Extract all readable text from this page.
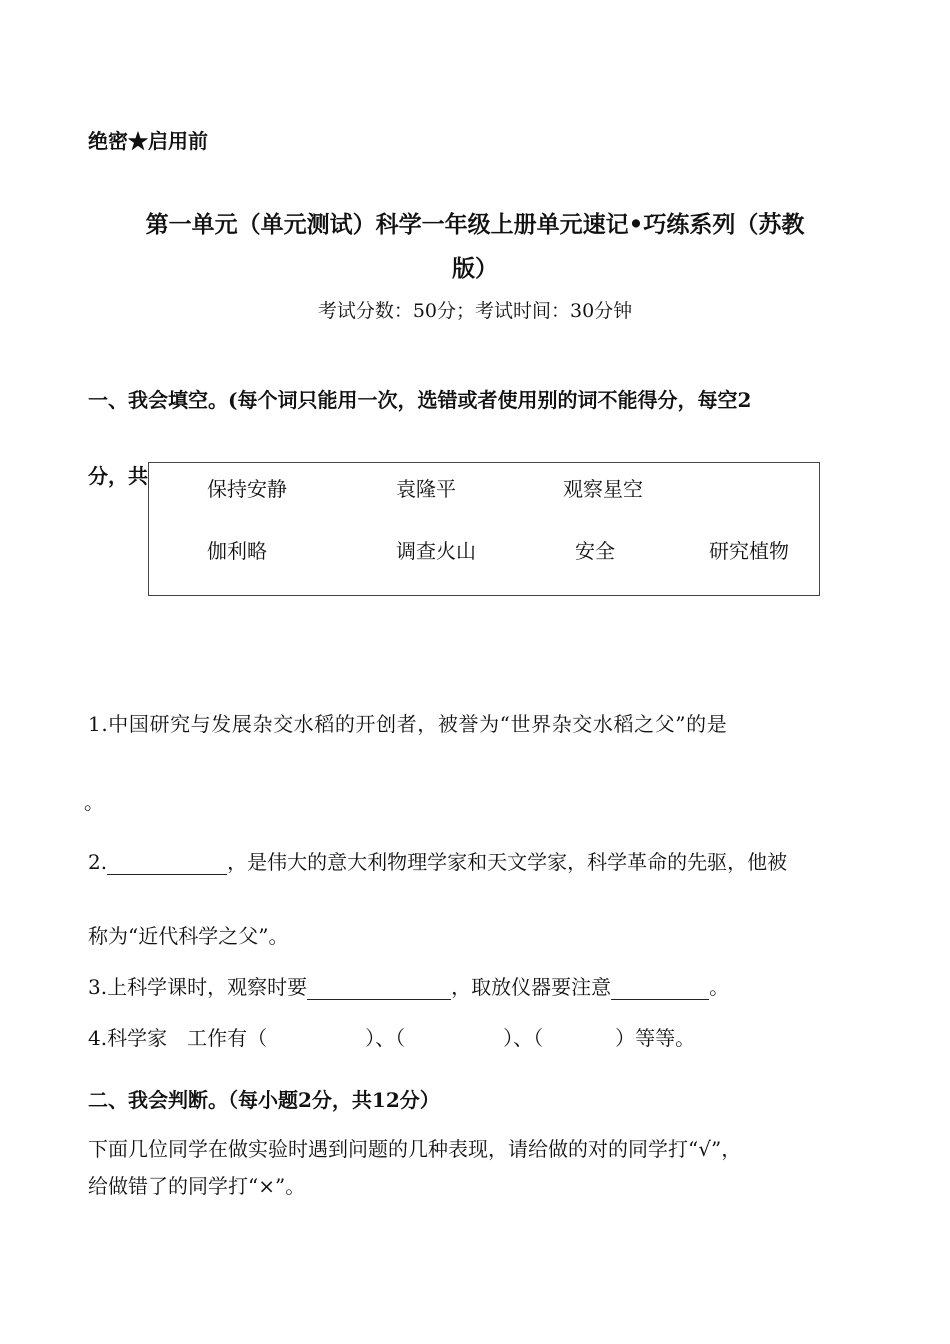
绝密★启用前
第一单元（单元测试）科学一年级上册单元速记•巧练系列（苏教
版）
考试分数：50分；考试时间：30分钟
一、我会填空。(每个词只能用一次，选错或者使用别的词不能得分，每空2
分，共
保持安静	袁隆平	观察星空
伽利略	调查火山	安全	研究植物
1.中国研究与发展杂交水稻的开创者，被誉为“世界杂交水稻之父”的是
。
2.	，是伟大的意大利物理学家和天文学家，科学革命的先驱，他被
称为“近代科学之父”。
3.上科学课时，观察时要	，取放仪器要注意	。
4.科学家　工作有（	）、（	）、（	）等等。
二、我会判断。（每小题2分，共12分）
下面几位同学在做实验时遇到问题的几种表现，请给做的对的同学打“√”，
给做错了的同学打“×”。
